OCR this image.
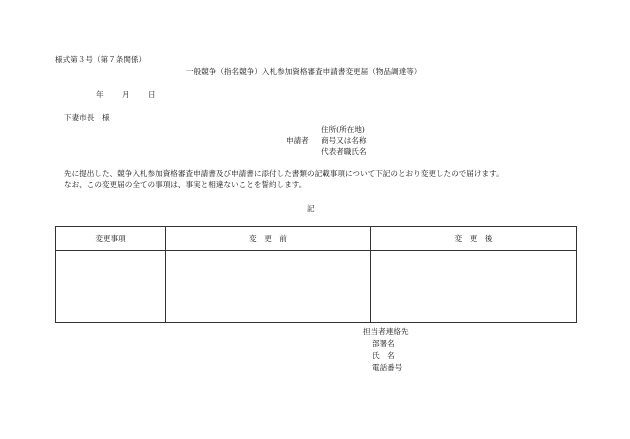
様式第３号（第７条関係）
一般競争（指名競争）入札参加資格審査申請書変更届（物品調達等）
年 月 日
下妻市長　様
住所(所在地)
申請者 商号又は名称
代表者職氏名
先に提出した、競争入札参加資格審査申請書及び申請書に添付した書類の記載事項について下記のとおり変更したので届けます。
なお、この変更届の全ての事項は、事実と相違ないことを誓約します。
記
変更事項	変　更　前	変　更　後

担当者連絡先
部署名
氏　名
電話番号
